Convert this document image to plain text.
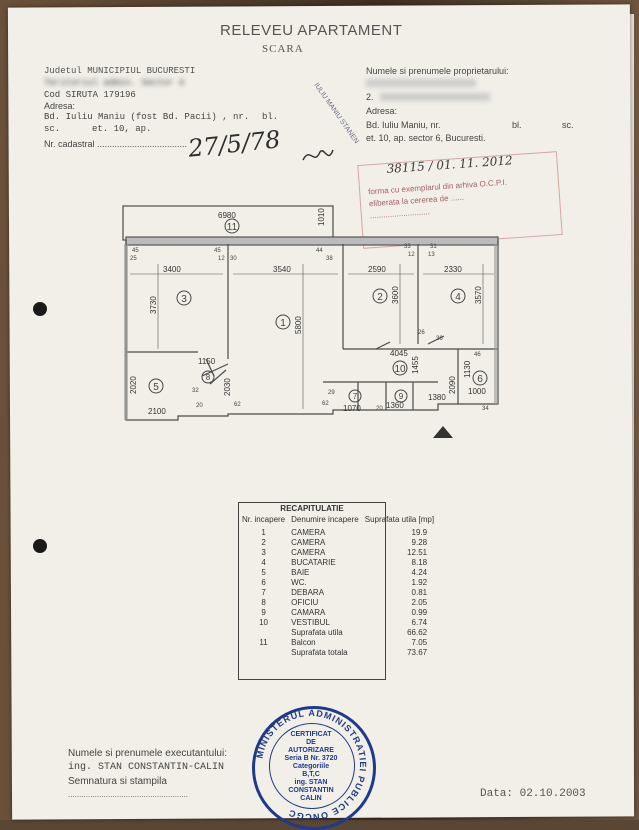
RELEVEU APARTAMENT
SCARA
Judetul MUNICIPIUL BUCURESTI
Teritoriul admin. Sector 6
Cod SIRUTA 179196
Adresa:
Bd. Iuliu Maniu (fost Bd. Pacii) , nr. bl.
sc.	et. 10, ap.
Nr. cadastral .................................... 27/5/78	IULIU MANIU STANEN
Numele si prenumele proprietarului:
2.
Adresa:
Bd. Iuliu Maniu, nr.	bl.	sc.
et. 10, ap. sector 6, Bucuresti.
38115 / 01. 11. 2012
forma cu exemplarul din arhiva O.C.P.I.
eliberata la cererea de ......
...........................
11
1
2
3	4
5
6
7
8
9
10
6980	1010
3400	3540	2590	2330
3730
5800
3600	3570
1150
4045
2020	2030
1455
2090
2100	1070	1360
1380
1000
1130
45	45
12 30
44
38
33	31
12 13
25
26
36
46
32
20	62
29
62
20	34
RECAPITULATIE
Nr. incapere	Denumire incapere	Suprafata utila [mp]

1	CAMERA	19.9
2	CAMERA	9.28
3	CAMERA	12.51
4	BUCATARIE	8.18
5	BAIE	4.24
6	WC.	1.92
7	DEBARA	0.81
8	OFICIU	2.05
9	CAMARA	0.99
10	VESTIBUL	6.74
	Suprafata utila	66.62
11	Balcon	7.05
	Suprafata totala	73.67
Numele si prenumele executantului:
ing. STAN CONSTANTIN-CALIN
Semnatura si stampila
......................................................	Data: 02.10.2003
MINISTERUL ADMINISTRATIEI PUBLICE ONCGC
CERTIFICAT
DE
AUTORIZARE
Seria B Nr. 3720
Categoriile
B,T,C
ing. STAN
CONSTANTIN
CALIN
